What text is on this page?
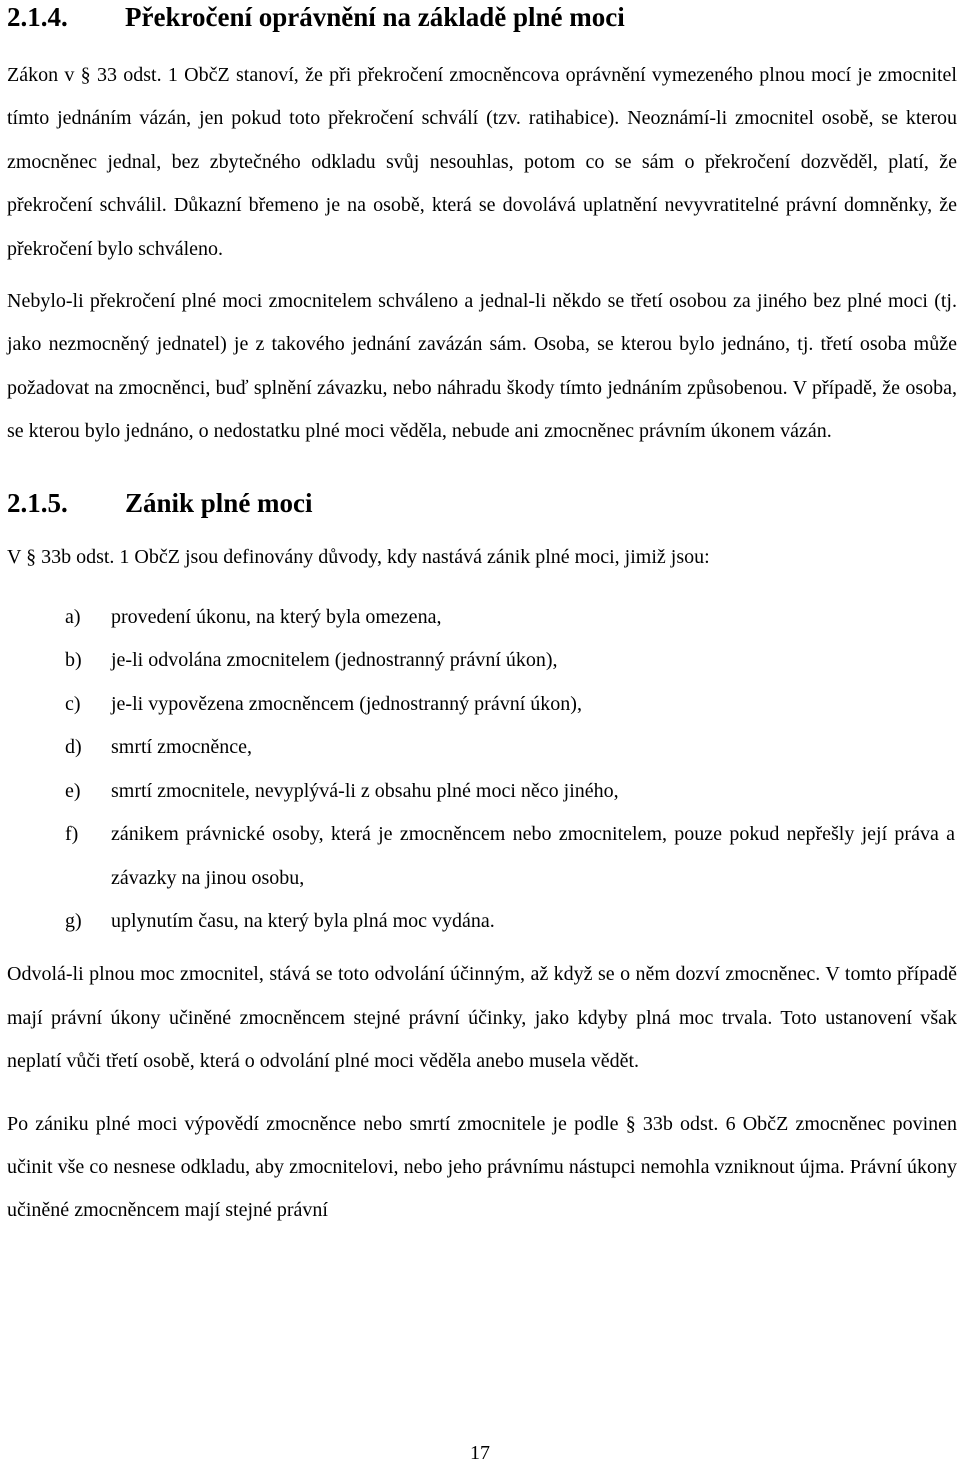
2.1.4.	Překročení oprávnění na základě plné moci

Zákon v § 33 odst. 1 ObčZ stanoví, že při překročení zmocněncova oprávnění vymezeného plnou mocí je zmocnitel tímto jednáním vázán, jen pokud toto překročení schválí (tzv. ratihabice). Neoznámí-li zmocnitel osobě, se kterou zmocněnec jednal, bez zbytečného odkladu svůj nesouhlas, potom co se sám o překročení dozvěděl, platí, že překročení schválil. Důkazní břemeno je na osobě, která se dovolává uplatnění nevyvratitelné právní domněnky, že překročení bylo schváleno.

Nebylo-li překročení plné moci zmocnitelem schváleno a jednal-li někdo se třetí osobou za jiného bez plné moci (tj. jako nezmocněný jednatel) je z takového jednání zavázán sám. Osoba, se kterou bylo jednáno, tj. třetí osoba může požadovat na zmocněnci, buď splnění závazku, nebo náhradu škody tímto jednáním způsobenou. V případě, že osoba, se kterou bylo jednáno, o nedostatku plné moci věděla, nebude ani zmocněnec právním úkonem vázán.

2.1.5.	Zánik plné moci

V § 33b odst. 1 ObčZ jsou definovány důvody, kdy nastává zánik plné moci, jimiž jsou:

a)	provedení úkonu, na který byla omezena,
b)	je-li odvolána zmocnitelem (jednostranný právní úkon),
c)	je-li vypovězena zmocněncem (jednostranný právní úkon),
d)	smrtí zmocněnce,
e)	smrtí zmocnitele, nevyplývá-li z obsahu plné moci něco jiného,
f)	zánikem právnické osoby, která je zmocněncem nebo zmocnitelem, pouze pokud nepřešly její práva a závazky na jinou osobu,
g)	uplynutím času, na který byla plná moc vydána.

Odvolá-li plnou moc zmocnitel, stává se toto odvolání účinným, až když se o něm dozví zmocněnec. V tomto případě mají právní úkony učiněné zmocněncem stejné právní účinky, jako kdyby plná moc trvala. Toto ustanovení však neplatí vůči třetí osobě, která o odvolání plné moci věděla anebo musela vědět.

Po zániku plné moci výpovědí zmocněnce nebo smrtí zmocnitele je podle § 33b odst. 6 ObčZ zmocněnec povinen učinit vše co nesnese odkladu, aby zmocnitelovi, nebo jeho právnímu nástupci nemohla vzniknout újma. Právní úkony učiněné zmocněncem mají stejné právní

17
